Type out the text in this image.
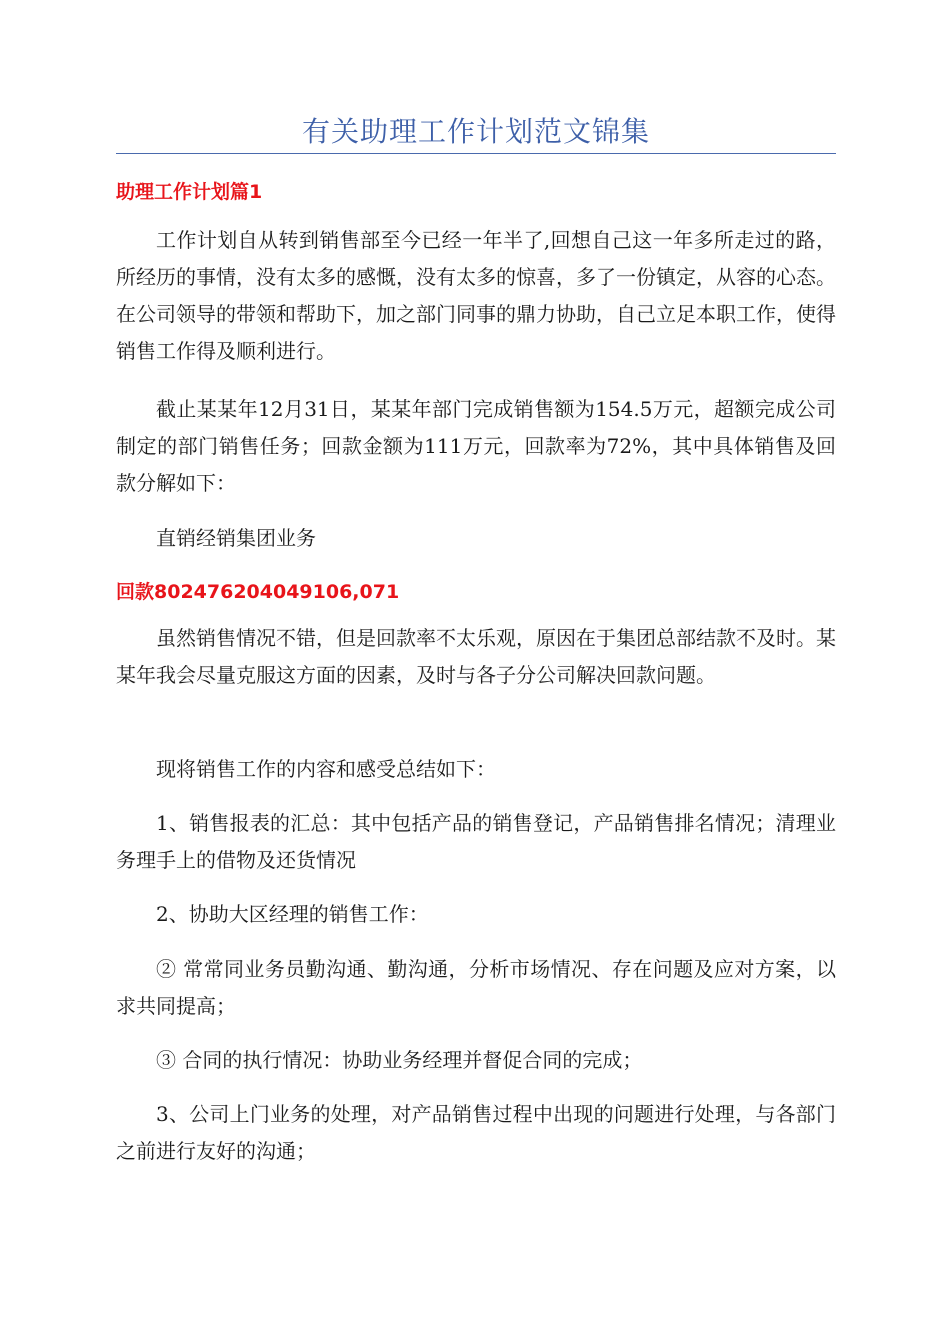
有关助理工作计划范文锦集
助理工作计划篇1

工作计划自从转到销售部至今已经一年半了,回想自己这一年多所走过的路，所经历的事情，没有太多的感慨，没有太多的惊喜，多了一份镇定，从容的心态。在公司领导的带领和帮助下，加之部门同事的鼎力协助，自己立足本职工作，使得销售工作得及顺利进行。

截止某某年12月31日，某某年部门完成销售额为154.5万元，超额完成公司制定的部门销售任务；回款金额为111万元，回款率为72%，其中具体销售及回款分解如下：

直销经销集团业务

回款802476204049106,071

虽然销售情况不错，但是回款率不太乐观，原因在于集团总部结款不及时。某某年我会尽量克服这方面的因素，及时与各子分公司解决回款问题。

现将销售工作的内容和感受总结如下：

1、销售报表的汇总：其中包括产品的销售登记，产品销售排名情况；清理业务理手上的借物及还货情况

2、协助大区经理的销售工作：

② 常常同业务员勤沟通、勤沟通，分析市场情况、存在问题及应对方案，以求共同提高；

③ 合同的执行情况：协助业务经理并督促合同的完成；

3、公司上门业务的处理，对产品销售过程中出现的问题进行处理，与各部门之前进行友好的沟通；
